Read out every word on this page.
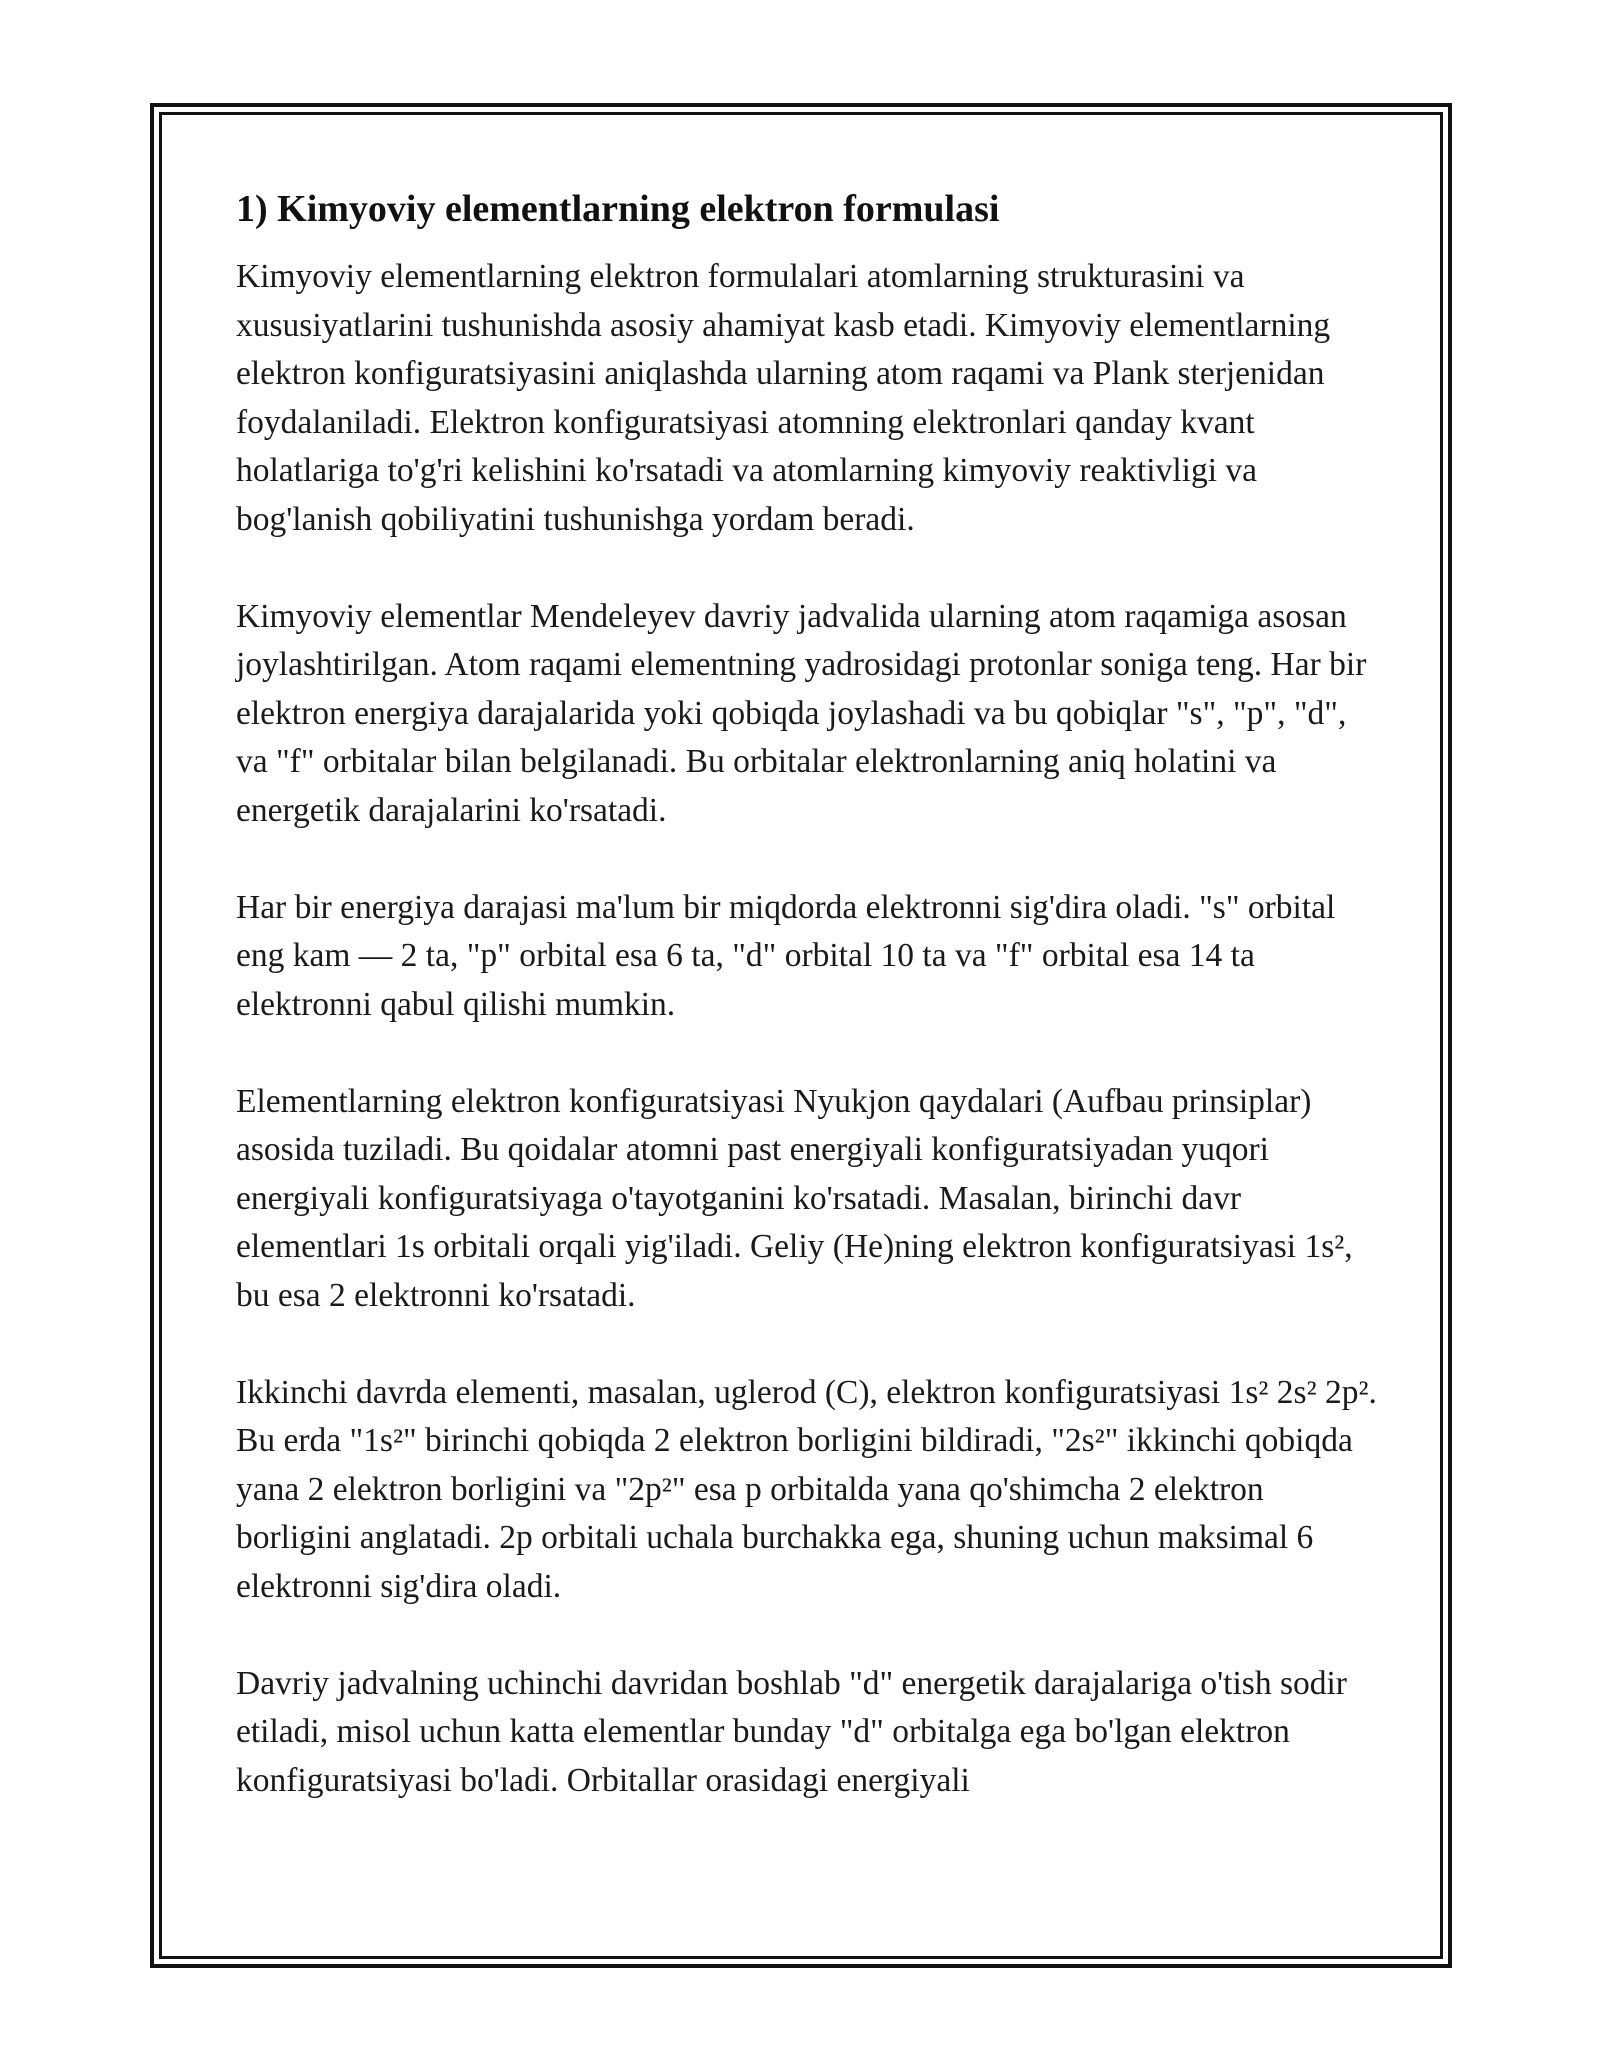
1) Kimyoviy elementlarning elektron formulasi

Kimyoviy elementlarning elektron formulalari atomlarning strukturasini va xususiyatlarini tushunishda asosiy ahamiyat kasb etadi. Kimyoviy elementlarning elektron konfiguratsiyasini aniqlashda ularning atom raqami va Plank sterjenidan foydalaniladi. Elektron konfiguratsiyasi atomning elektronlari qanday kvant holatlariga to'g'ri kelishini ko'rsatadi va atomlarning kimyoviy reaktivligi va bog'lanish qobiliyatini tushunishga yordam beradi.

Kimyoviy elementlar Mendeleyev davriy jadvalida ularning atom raqamiga asosan joylashtirilgan. Atom raqami elementning yadrosidagi protonlar soniga teng. Har bir elektron energiya darajalarida yoki qobiqda joylashadi va bu qobiqlar "s", "p", "d", va "f" orbitalar bilan belgilanadi. Bu orbitalar elektronlarning aniq holatini va energetik darajalarini ko'rsatadi.

Har bir energiya darajasi ma'lum bir miqdorda elektronni sig'dira oladi. "s" orbital eng kam — 2 ta, "p" orbital esa 6 ta, "d" orbital 10 ta va "f" orbital esa 14 ta elektronni qabul qilishi mumkin.

Elementlarning elektron konfiguratsiyasi Nyukjon qaydalari (Aufbau prinsiplar) asosida tuziladi. Bu qoidalar atomni past energiyali konfiguratsiyadan yuqori energiyali konfiguratsiyaga o'tayotganini ko'rsatadi. Masalan, birinchi davr elementlari 1s orbitali orqali yig'iladi. Geliy (He)ning elektron konfiguratsiyasi 1s², bu esa 2 elektronni ko'rsatadi.

Ikkinchi davrda elementi, masalan, uglerod (C), elektron konfiguratsiyasi 1s² 2s² 2p². Bu erda "1s²" birinchi qobiqda 2 elektron borligini bildiradi, "2s²" ikkinchi qobiqda yana 2 elektron borligini va "2p²" esa p orbitalda yana qo'shimcha 2 elektron borligini anglatadi. 2p orbitali uchala burchakka ega, shuning uchun maksimal 6 elektronni sig'dira oladi.

Davriy jadvalning uchinchi davridan boshlab "d" energetik darajalariga o'tish sodir etiladi, misol uchun katta elementlar bunday "d" orbitalga ega bo'lgan elektron konfiguratsiyasi bo'ladi. Orbitallar orasidagi energiyali
